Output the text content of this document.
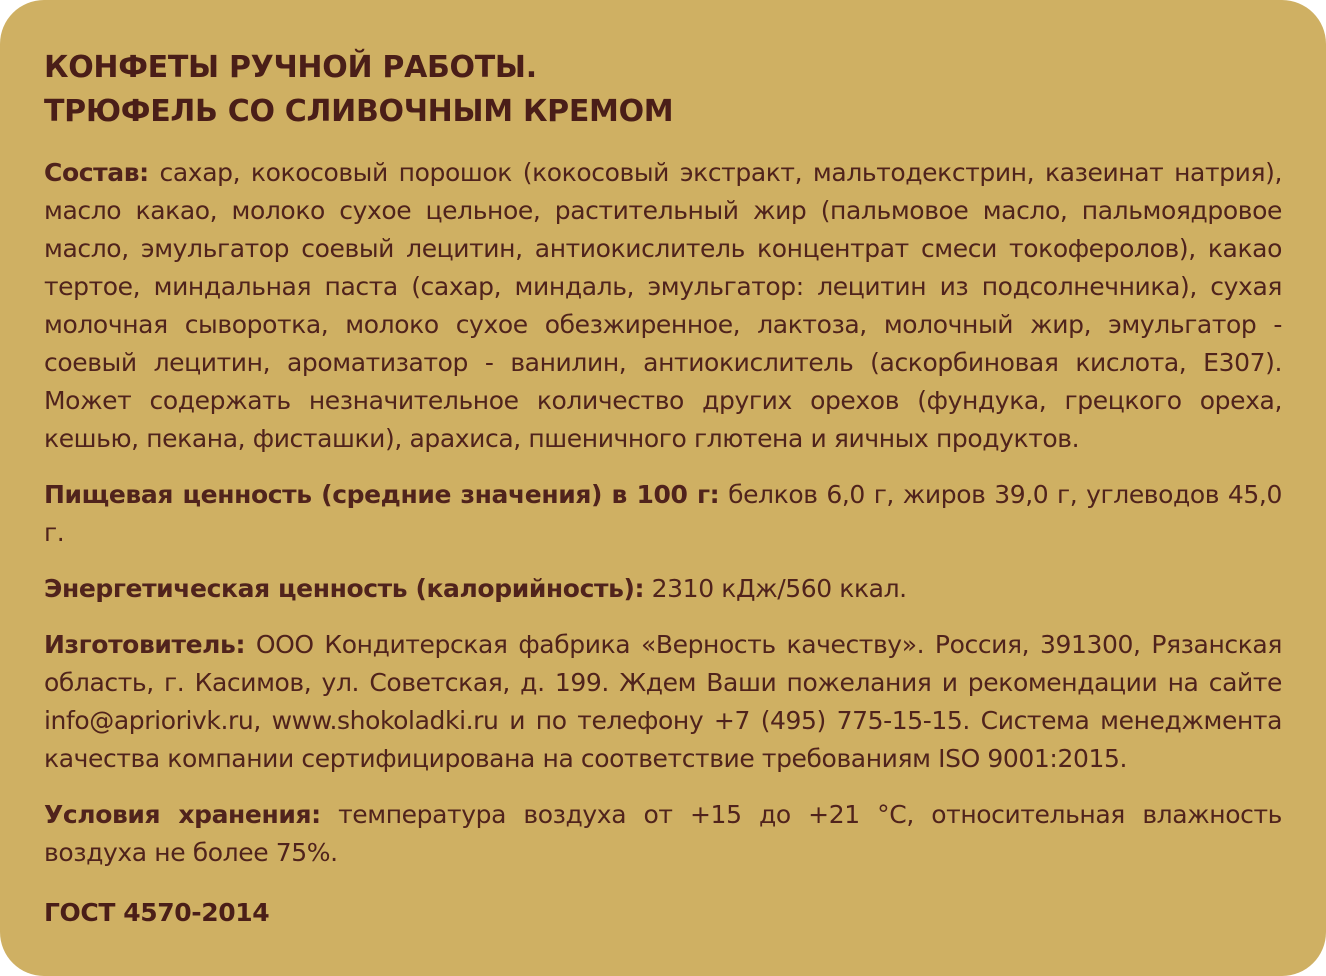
КОНФЕТЫ РУЧНОЙ РАБОТЫ.
ТРЮФЕЛЬ СО СЛИВОЧНЫМ КРЕМОМ

Состав: сахар, кокосовый порошок (кокосовый экстракт, мальтодекстрин, казеинат натрия), масло какао, молоко сухое цельное, растительный жир (пальмовое масло, пальмоядровое масло, эмульгатор соевый лецитин, антиокислитель концентрат смеси токоферолов), какао тертое, миндальная паста (сахар, миндаль, эмульгатор: лецитин из подсолнечника), сухая молочная сыворотка, молоко сухое обезжиренное, лактоза, молочный жир, эмульгатор - соевый лецитин, ароматизатор - ванилин, антиокислитель (аскорбиновая кислота, Е307). Может содержать незначительное количество других орехов (фундука, грецкого ореха, кешью, пекана, фисташки), арахиса, пшеничного глютена и яичных продуктов.

Пищевая ценность (средние значения) в 100 г: белков 6,0 г, жиров 39,0 г, углеводов 45,0 г.

Энергетическая ценность (калорийность): 2310 кДж/560 ккал.

Изготовитель: ООО Кондитерская фабрика «Верность качеству». Россия, 391300, Рязанская область, г. Касимов, ул. Советская, д. 199. Ждем Ваши пожелания и рекомендации на сайте info@apriorivk.ru, www.shokoladki.ru и по телефону +7 (495) 775-15-15. Система менеджмента качества компании сертифицирована на соответствие требованиям ISO 9001:2015.

Условия хранения: температура воздуха от +15 до +21 °С, относительная влажность воздуха не более 75%.

ГОСТ 4570-2014
